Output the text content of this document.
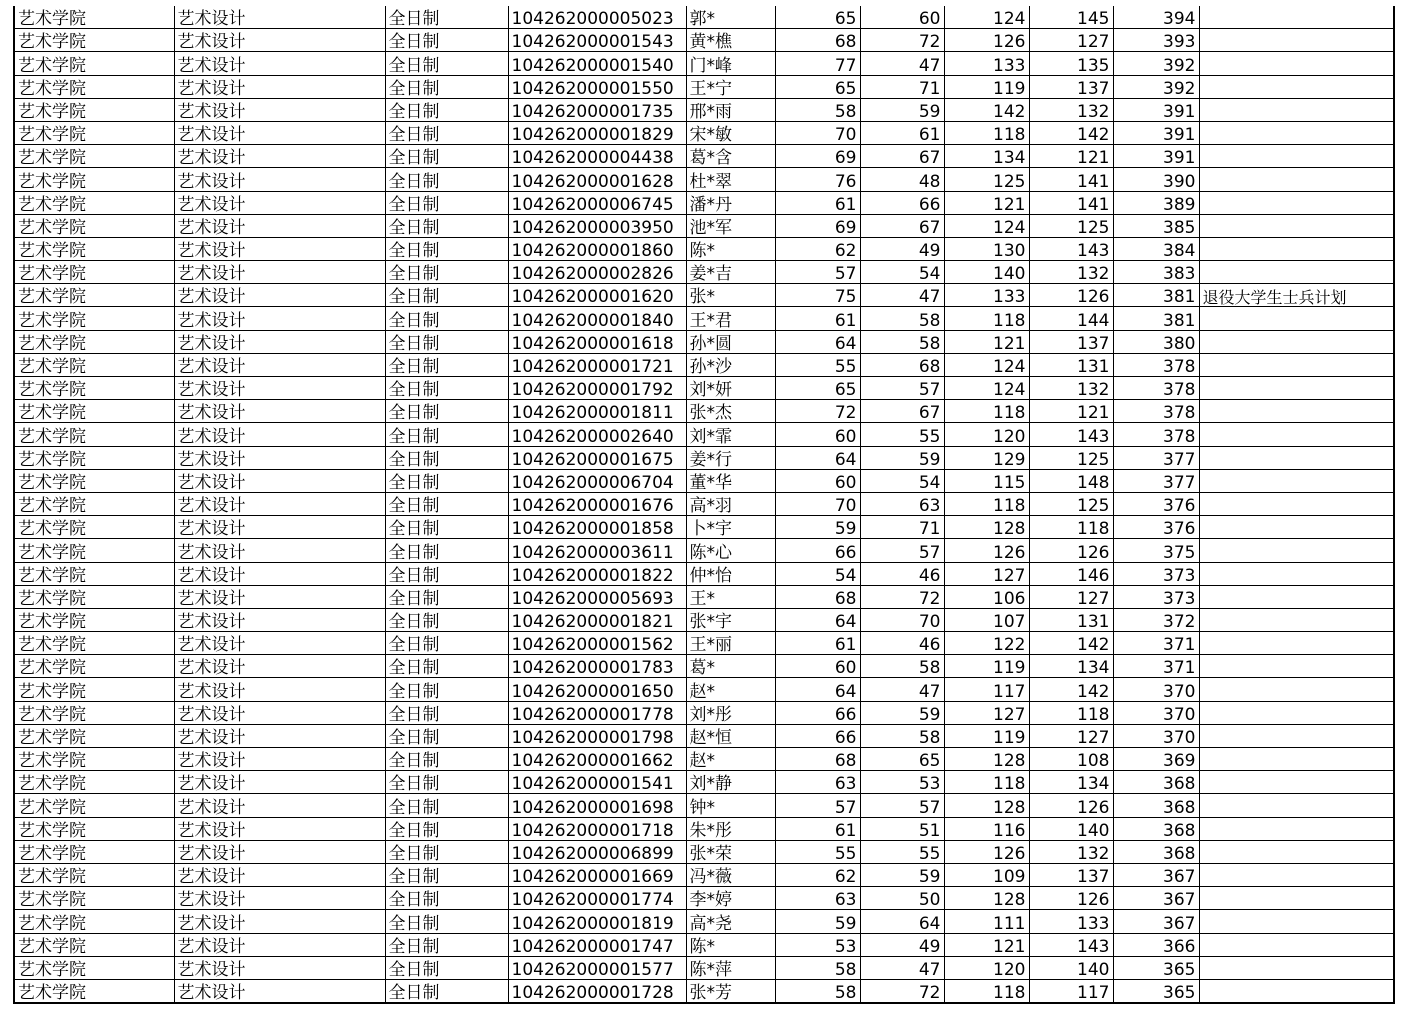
艺术学院	艺术设计	全日制	104262000005023	郭*	65	60	124	145	394	
艺术学院	艺术设计	全日制	104262000001543	黄*樵	68	72	126	127	393	
艺术学院	艺术设计	全日制	104262000001540	门*峰	77	47	133	135	392	
艺术学院	艺术设计	全日制	104262000001550	王*宁	65	71	119	137	392	
艺术学院	艺术设计	全日制	104262000001735	邢*雨	58	59	142	132	391	
艺术学院	艺术设计	全日制	104262000001829	宋*敏	70	61	118	142	391	
艺术学院	艺术设计	全日制	104262000004438	葛*含	69	67	134	121	391	
艺术学院	艺术设计	全日制	104262000001628	杜*翠	76	48	125	141	390	
艺术学院	艺术设计	全日制	104262000006745	潘*丹	61	66	121	141	389	
艺术学院	艺术设计	全日制	104262000003950	池*军	69	67	124	125	385	
艺术学院	艺术设计	全日制	104262000001860	陈*	62	49	130	143	384	
艺术学院	艺术设计	全日制	104262000002826	姜*吉	57	54	140	132	383	
艺术学院	艺术设计	全日制	104262000001620	张*	75	47	133	126	381	退役大学生士兵计划
艺术学院	艺术设计	全日制	104262000001840	王*君	61	58	118	144	381	
艺术学院	艺术设计	全日制	104262000001618	孙*圆	64	58	121	137	380	
艺术学院	艺术设计	全日制	104262000001721	孙*沙	55	68	124	131	378	
艺术学院	艺术设计	全日制	104262000001792	刘*妍	65	57	124	132	378	
艺术学院	艺术设计	全日制	104262000001811	张*杰	72	67	118	121	378	
艺术学院	艺术设计	全日制	104262000002640	刘*霏	60	55	120	143	378	
艺术学院	艺术设计	全日制	104262000001675	姜*行	64	59	129	125	377	
艺术学院	艺术设计	全日制	104262000006704	董*华	60	54	115	148	377	
艺术学院	艺术设计	全日制	104262000001676	高*羽	70	63	118	125	376	
艺术学院	艺术设计	全日制	104262000001858	卜*宇	59	71	128	118	376	
艺术学院	艺术设计	全日制	104262000003611	陈*心	66	57	126	126	375	
艺术学院	艺术设计	全日制	104262000001822	仲*怡	54	46	127	146	373	
艺术学院	艺术设计	全日制	104262000005693	王*	68	72	106	127	373	
艺术学院	艺术设计	全日制	104262000001821	张*宇	64	70	107	131	372	
艺术学院	艺术设计	全日制	104262000001562	王*丽	61	46	122	142	371	
艺术学院	艺术设计	全日制	104262000001783	葛*	60	58	119	134	371	
艺术学院	艺术设计	全日制	104262000001650	赵*	64	47	117	142	370	
艺术学院	艺术设计	全日制	104262000001778	刘*彤	66	59	127	118	370	
艺术学院	艺术设计	全日制	104262000001798	赵*恒	66	58	119	127	370	
艺术学院	艺术设计	全日制	104262000001662	赵*	68	65	128	108	369	
艺术学院	艺术设计	全日制	104262000001541	刘*静	63	53	118	134	368	
艺术学院	艺术设计	全日制	104262000001698	钟*	57	57	128	126	368	
艺术学院	艺术设计	全日制	104262000001718	朱*彤	61	51	116	140	368	
艺术学院	艺术设计	全日制	104262000006899	张*荣	55	55	126	132	368	
艺术学院	艺术设计	全日制	104262000001669	冯*薇	62	59	109	137	367	
艺术学院	艺术设计	全日制	104262000001774	李*婷	63	50	128	126	367	
艺术学院	艺术设计	全日制	104262000001819	高*尧	59	64	111	133	367	
艺术学院	艺术设计	全日制	104262000001747	陈*	53	49	121	143	366	
艺术学院	艺术设计	全日制	104262000001577	陈*萍	58	47	120	140	365	
艺术学院	艺术设计	全日制	104262000001728	张*芳	58	72	118	117	365	
